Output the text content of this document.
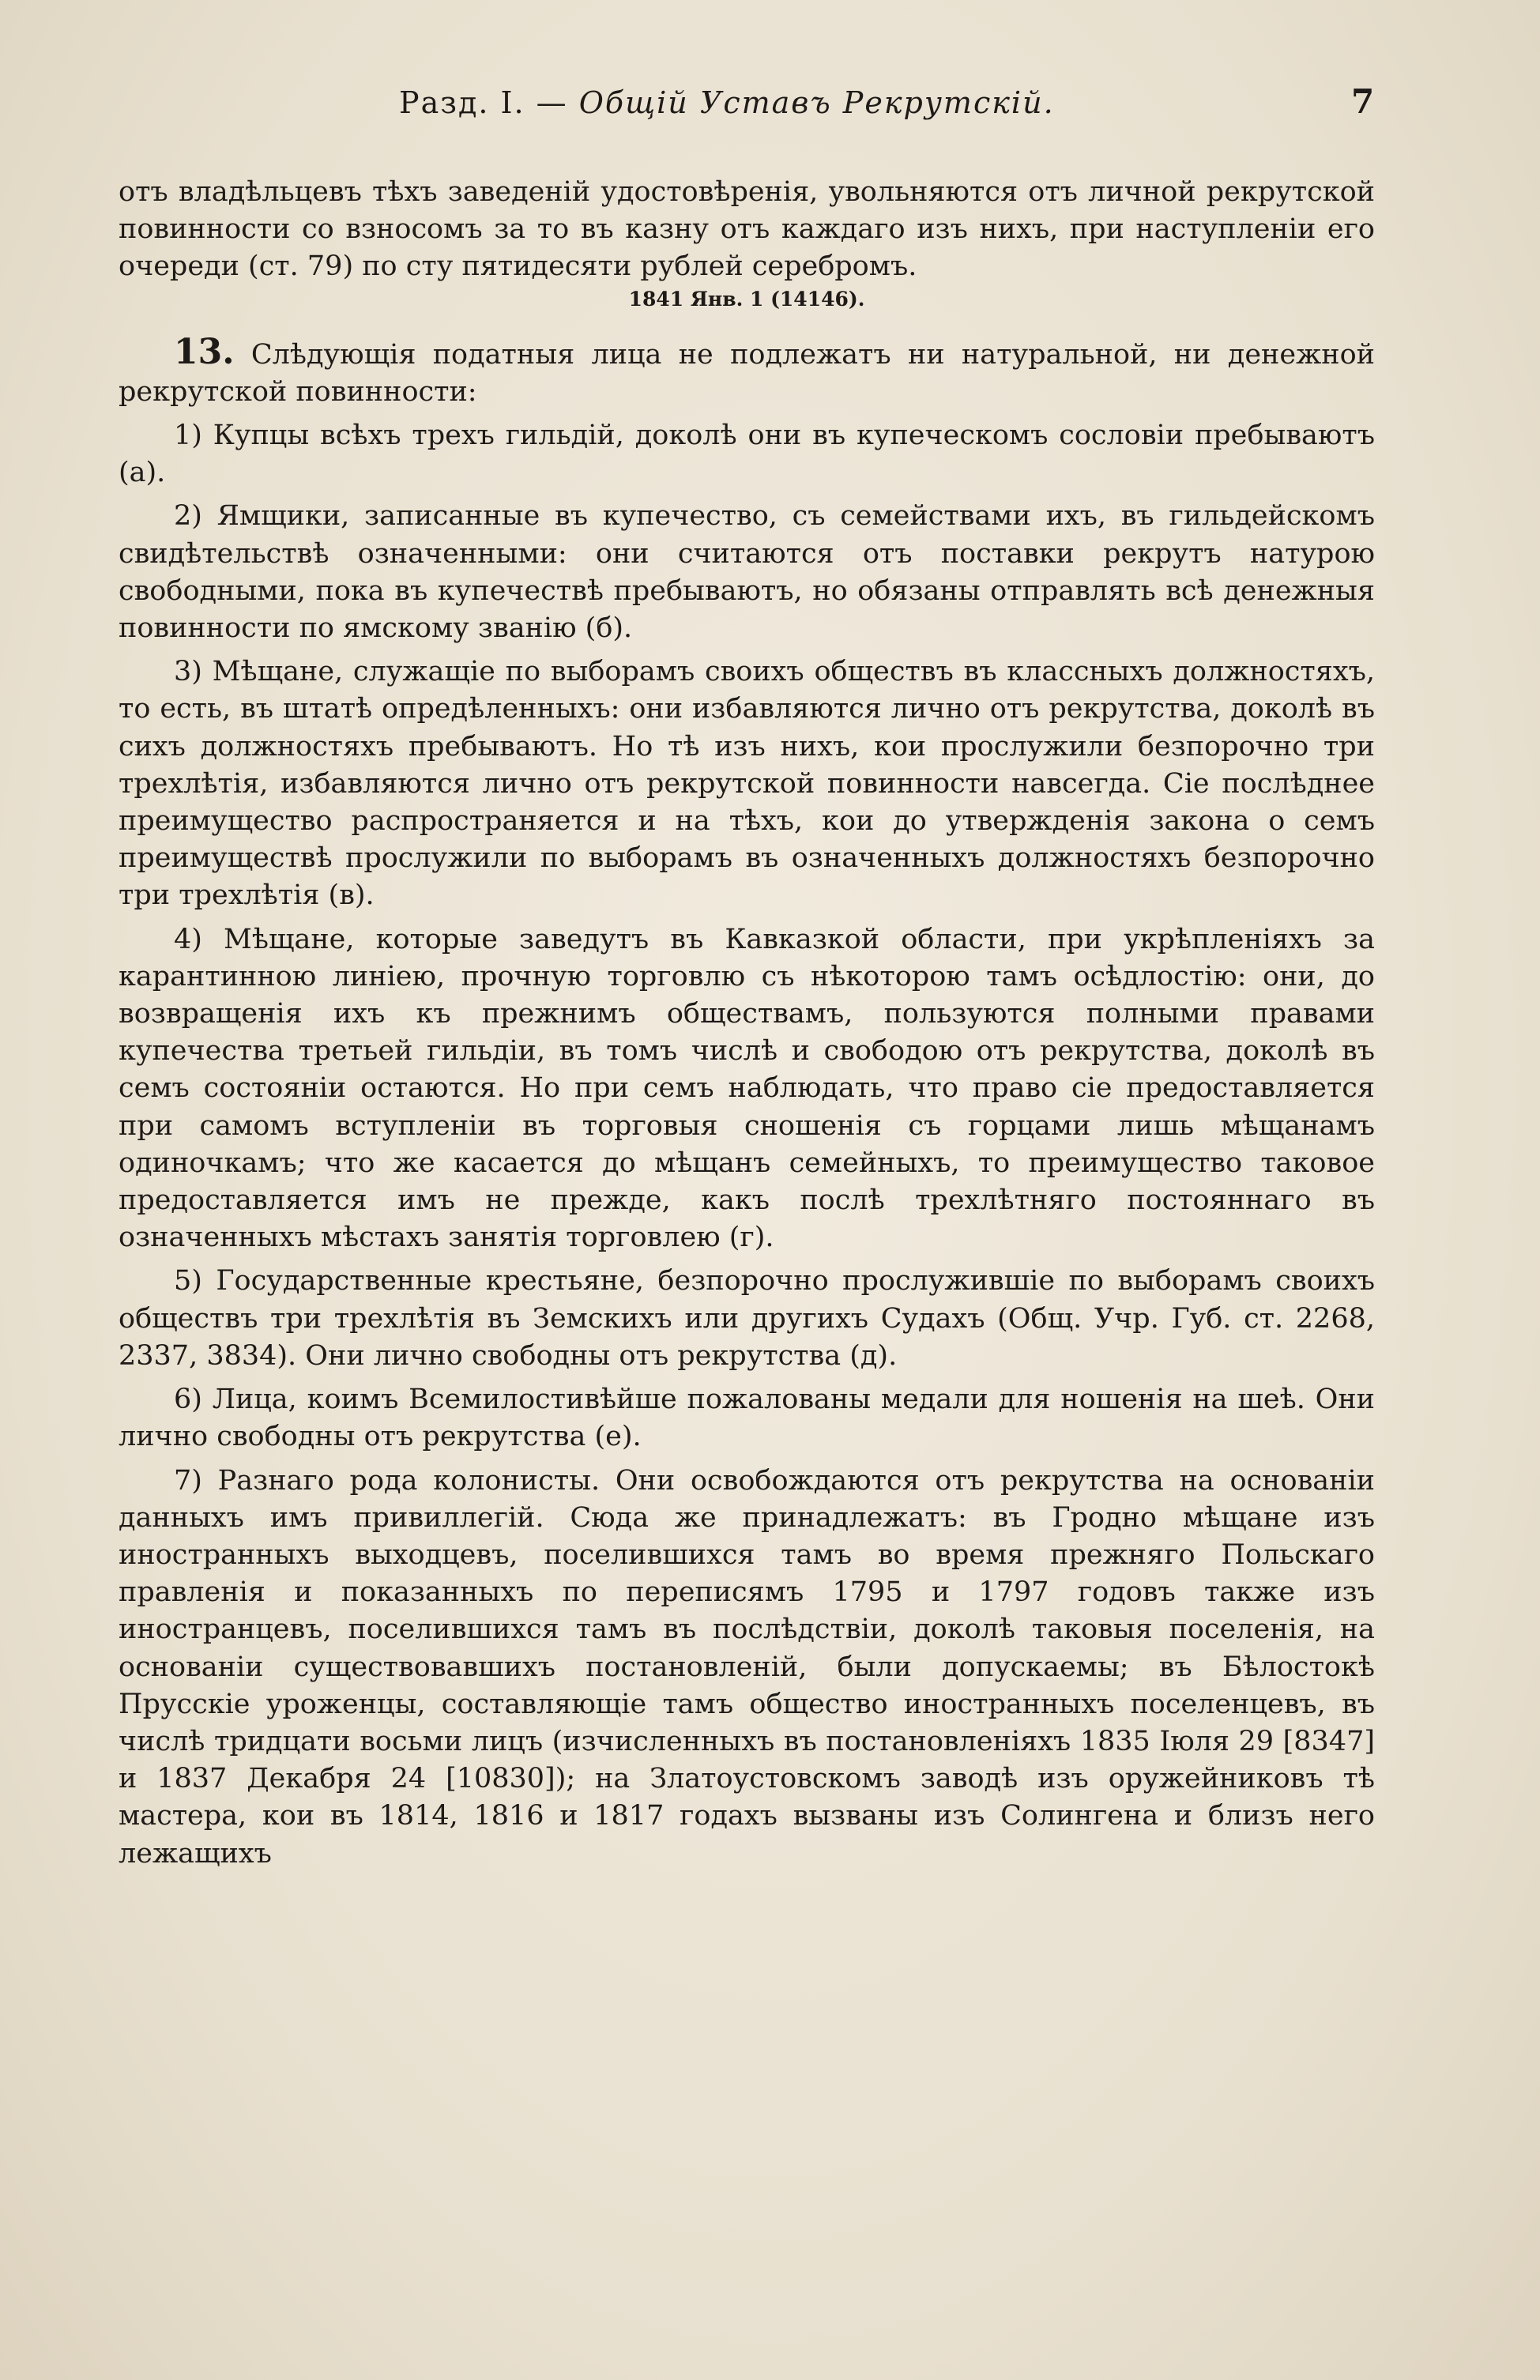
Разд. I. — Общій Уставъ Рекрутскій.	7

отъ владѣльцевъ тѣхъ заведеній удостовѣренія, увольняются отъ личной рекрутской повинности со взносомъ за то въ казну отъ каждаго изъ нихъ, при наступленіи его очереди (ст. 79) по сту пятидесяти рублей серебромъ.

1841 Янв. 1 (14146).

13. Слѣдующія податныя лица не подлежатъ ни натуральной, ни денежной рекрутской повинности:

1) Купцы всѣхъ трехъ гильдій, доколѣ они въ купеческомъ сословіи пребываютъ (а).

2) Ямщики, записанные въ купечество, съ семействами ихъ, въ гильдейскомъ свидѣтельствѣ означенными: они считаются отъ поставки рекрутъ натурою свободными, пока въ купечествѣ пребываютъ, но обязаны отправлять всѣ денежныя повинности по ямскому званію (б).

3) Мѣщане, служащіе по выборамъ своихъ обществъ въ классныхъ должностяхъ, то есть, въ штатѣ опредѣленныхъ: они избавляются лично отъ рекрутства, доколѣ въ сихъ должностяхъ пребываютъ. Но тѣ изъ нихъ, кои прослужили безпорочно три трехлѣтія, избавляются лично отъ рекрутской повинности навсегда. Сіе послѣднее преимущество распространяется и на тѣхъ, кои до утвержденія закона о семъ преимуществѣ прослужили по выборамъ въ означенныхъ должностяхъ безпорочно три трехлѣтія (в).

4) Мѣщане, которые заведутъ въ Кавказкой области, при укрѣпленіяхъ за карантинною линіею, прочную торговлю съ нѣкоторою тамъ осѣдлостію: они, до возвращенія ихъ къ прежнимъ обществамъ, пользуются полными правами купечества третьей гильдіи, въ томъ числѣ и свободою отъ рекрутства, доколѣ въ семъ состояніи остаются. Но при семъ наблюдать, что право сіе предоставляется при самомъ вступленіи въ торговыя сношенія съ горцами лишь мѣщанамъ одиночкамъ; что же касается до мѣщанъ семейныхъ, то преимущество таковое предоставляется имъ не прежде, какъ послѣ трехлѣтняго постояннаго въ означенныхъ мѣстахъ занятія торговлею (г).

5) Государственные крестьяне, безпорочно прослужившіе по выборамъ своихъ обществъ три трехлѣтія въ Земскихъ или другихъ Судахъ (Общ. Учр. Губ. ст. 2268, 2337, 3834). Они лично свободны отъ рекрутства (д).

6) Лица, коимъ Всемилостивѣйше пожалованы медали для ношенія на шеѣ. Они лично свободны отъ рекрутства (е).

7) Разнаго рода колонисты. Они освобождаются отъ рекрутства на основаніи данныхъ имъ привиллегій. Сюда же принадлежатъ: въ Гродно мѣщане изъ иностранныхъ выходцевъ, поселившихся тамъ во время прежняго Польскаго правленія и показанныхъ по переписямъ 1795 и 1797 годовъ также изъ иностранцевъ, поселившихся тамъ въ послѣдствіи, доколѣ таковыя поселенія, на основаніи существовавшихъ постановленій, были допускаемы; въ Бѣлостокѣ Прусскіе уроженцы, составляющіе тамъ общество иностранныхъ поселенцевъ, въ числѣ тридцати восьми лицъ (изчисленныхъ въ постановленіяхъ 1835 Іюля 29 [8347] и 1837 Декабря 24 [10830]); на Златоустовскомъ заводѣ изъ оружейниковъ тѣ мастера, кои въ 1814, 1816 и 1817 годахъ вызваны изъ Солингена и близъ него лежащихъ
